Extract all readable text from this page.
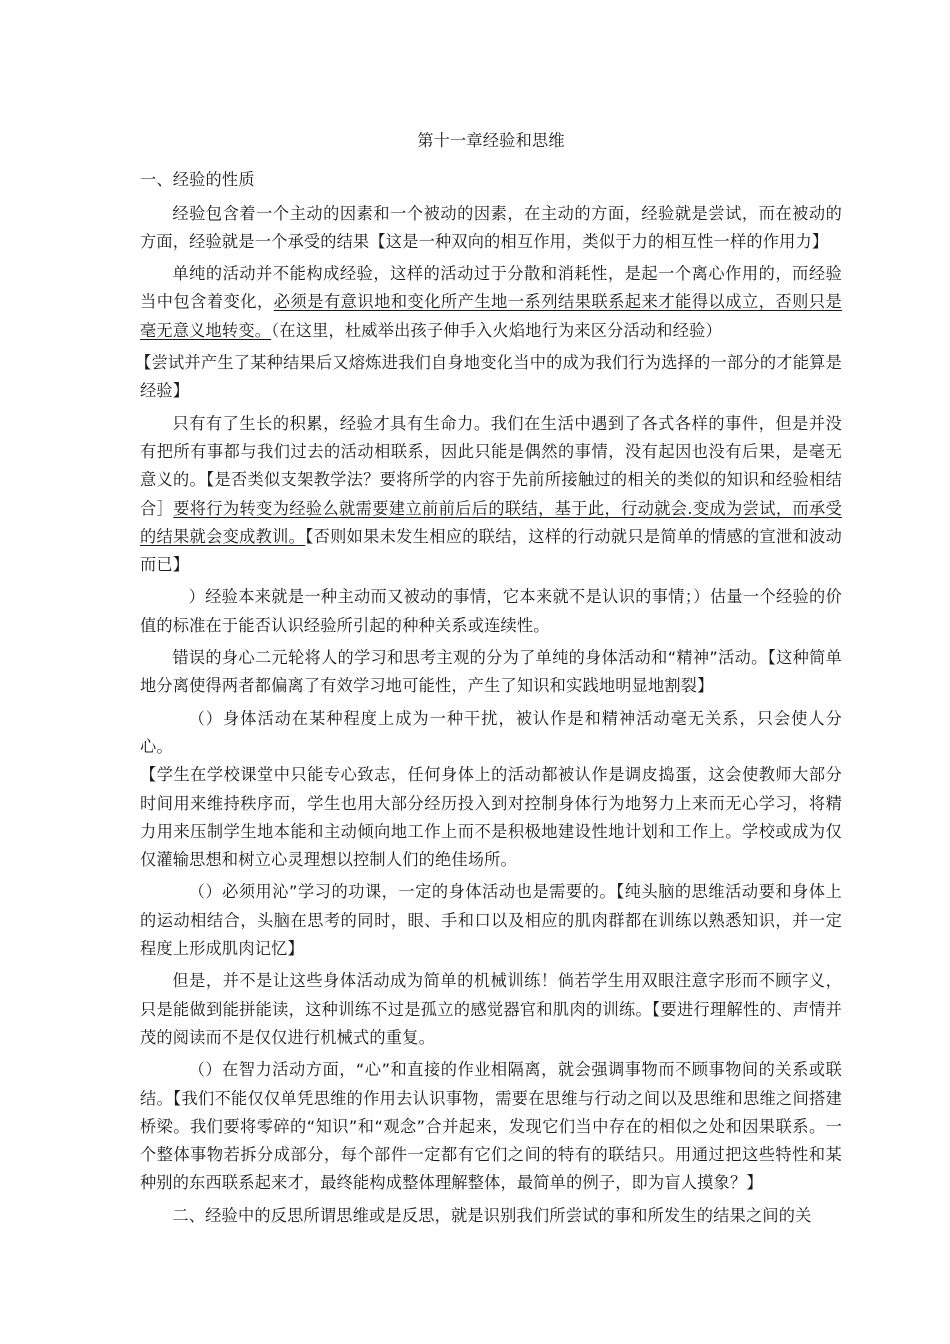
第十一章经验和思维
一、经验的性质

经验包含着一个主动的因素和一个被动的因素，在主动的方面，经验就是尝试，而在被动的方面，经验就是一个承受的结果【这是一种双向的相互作用，类似于力的相互性一样的作用力】

单纯的活动并不能构成经验，这样的活动过于分散和消耗性，是起一个离心作用的，而经验当中包含着变化，必须是有意识地和变化所产生地一系列结果联系起来才能得以成立，否则只是毫无意义地转变。（在这里，杜威举出孩子伸手入火焰地行为来区分活动和经验）

【尝试并产生了某种结果后又熔炼进我们自身地变化当中的成为我们行为选择的一部分的才能算是经验】

只有有了生长的积累，经验才具有生命力。我们在生活中遇到了各式各样的事件，但是并没有把所有事都与我们过去的活动相联系，因此只能是偶然的事情，没有起因也没有后果，是毫无意义的。【是否类似支架教学法？要将所学的内容于先前所接触过的相关的类似的知识和经验相结合］要将行为转变为经验么就需要建立前前后后的联结，基于此，行动就会.变成为尝试，而承受的结果就会变成教训。【否则如果未发生相应的联结，这样的行动就只是简单的情感的宣泄和波动而已】

）经验本来就是一种主动而又被动的事情，它本来就不是认识的事情；）估量一个经验的价值的标准在于能否认识经验所引起的种种关系或连续性。

错误的身心二元轮将人的学习和思考主观的分为了单纯的身体活动和“精神”活动。【这种简单地分离使得两者都偏离了有效学习地可能性，产生了知识和实践地明显地割裂】

（）身体活动在某种程度上成为一种干扰，被认作是和精神活动毫无关系，只会使人分心。

【学生在学校课堂中只能专心致志，任何身体上的活动都被认作是调皮捣蛋，这会使教师大部分时间用来维持秩序而，学生也用大部分经历投入到对控制身体行为地努力上来而无心学习，将精力用来压制学生地本能和主动倾向地工作上而不是积极地建设性地计划和工作上。学校或成为仅仅灌输思想和树立心灵理想以控制人们的绝佳场所。

（）必须用沁”学习的功课，一定的身体活动也是需要的。【纯头脑的思维活动要和身体上的运动相结合，头脑在思考的同时，眼、手和口以及相应的肌肉群都在训练以熟悉知识，并一定程度上形成肌肉记忆】

但是，并不是让这些身体活动成为简单的机械训练！倘若学生用双眼注意字形而不顾字义，只是能做到能拼能读，这种训练不过是孤立的感觉器官和肌肉的训练。【要进行理解性的、声情并茂的阅读而不是仅仅进行机械式的重复。

（）在智力活动方面，“心”和直接的作业相隔离，就会强调事物而不顾事物间的关系或联结。【我们不能仅仅单凭思维的作用去认识事物，需要在思维与行动之间以及思维和思维之间搭建桥梁。我们要将零碎的“知识”和“观念”合并起来，发现它们当中存在的相似之处和因果联系。一个整体事物若拆分成部分，每个部件一定都有它们之间的特有的联结只。用通过把这些特性和某种别的东西联系起来才，最终能构成整体理解整体，最简单的例子，即为盲人摸象？】

二、经验中的反思所谓思维或是反思，就是识别我们所尝试的事和所发生的结果之间的关
